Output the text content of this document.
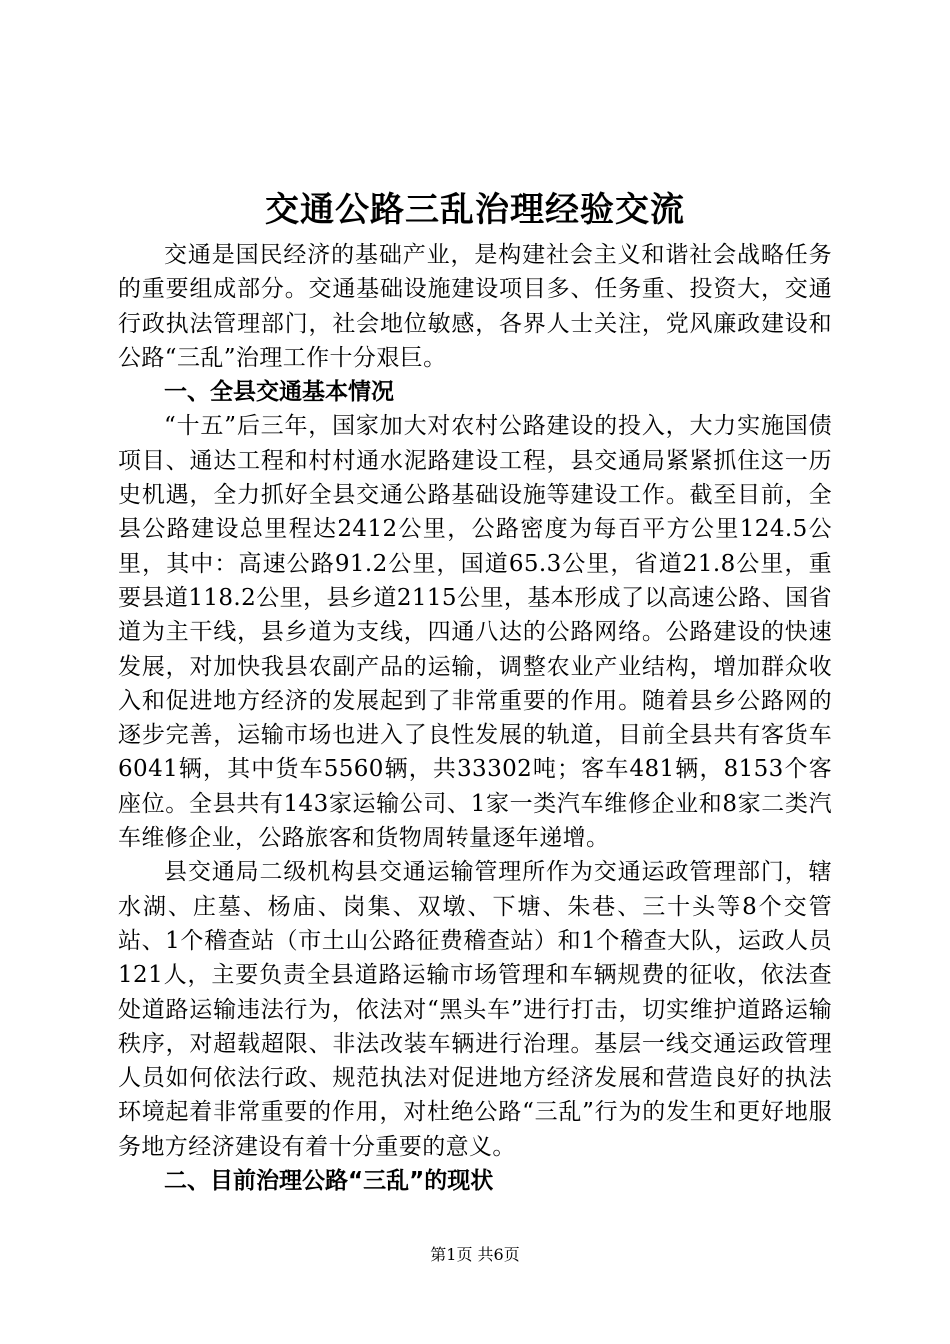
交通公路三乱治理经验交流

交通是国民经济的基础产业，是构建社会主义和谐社会战略任务的重要组成部分。交通基础设施建设项目多、任务重、投资大，交通行政执法管理部门，社会地位敏感，各界人士关注，党风廉政建设和公路“三乱”治理工作十分艰巨。

一、全县交通基本情况

“十五”后三年，国家加大对农村公路建设的投入，大力实施国债项目、通达工程和村村通水泥路建设工程，县交通局紧紧抓住这一历史机遇，全力抓好全县交通公路基础设施等建设工作。截至目前，全县公路建设总里程达2412公里，公路密度为每百平方公里124.5公里，其中：高速公路91.2公里，国道65.3公里，省道21.8公里，重要县道118.2公里，县乡道2115公里，基本形成了以高速公路、国省道为主干线，县乡道为支线，四通八达的公路网络。公路建设的快速发展，对加快我县农副产品的运输，调整农业产业结构，增加群众收入和促进地方经济的发展起到了非常重要的作用。随着县乡公路网的逐步完善，运输市场也进入了良性发展的轨道，目前全县共有客货车6041辆，其中货车5560辆，共33302吨；客车481辆，8153个客座位。全县共有143家运输公司、1家一类汽车维修企业和8家二类汽车维修企业，公路旅客和货物周转量逐年递增。

县交通局二级机构县交通运输管理所作为交通运政管理部门，辖水湖、庄墓、杨庙、岗集、双墩、下塘、朱巷、三十头等8个交管站、1个稽查站（市土山公路征费稽查站）和1个稽查大队，运政人员121人，主要负责全县道路运输市场管理和车辆规费的征收，依法查处道路运输违法行为，依法对“黑头车”进行打击，切实维护道路运输秩序，对超载超限、非法改装车辆进行治理。基层一线交通运政管理人员如何依法行政、规范执法对促进地方经济发展和营造良好的执法环境起着非常重要的作用，对杜绝公路“三乱”行为的发生和更好地服务地方经济建设有着十分重要的意义。

二、目前治理公路“三乱”的现状

第1页 共6页
